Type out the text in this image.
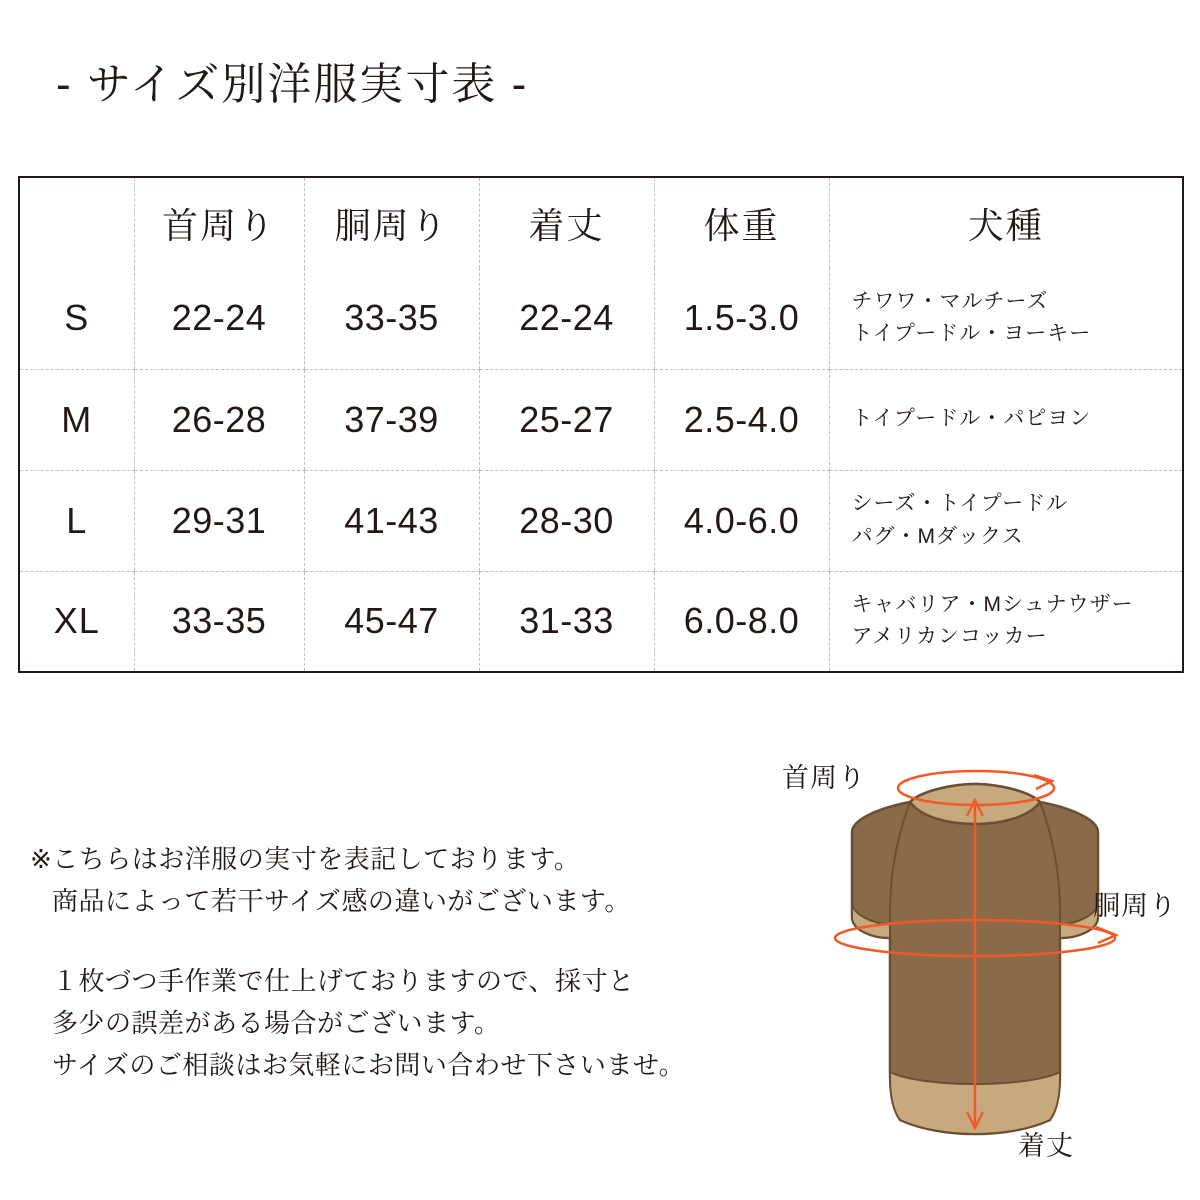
- サイズ別洋服実寸表 -
	首周り	胴周り	着丈	体重	犬種
S	22-24	33-35	22-24	1.5-3.0	チワワ・マルチーズ
トイプードル・ヨーキー

M	26-28	37-39	25-27	2.5-4.0	トイプードル・パピヨン

L	29-31	41-43	28-30	4.0-6.0	シーズ・トイプードル
パグ・Mダックス

XL	33-35	45-47	31-33	6.0-8.0	キャバリア・Mシュナウザー
アメリカンコッカー

※こちらはお洋服の実寸を表記しております。
商品によって若干サイズ感の違いがございます。

１枚づつ手作業で仕上げておりますので、採寸と
多少の誤差がある場合がございます。
サイズのご相談はお気軽にお問い合わせ下さいませ。

首周り
胴周り
着丈
